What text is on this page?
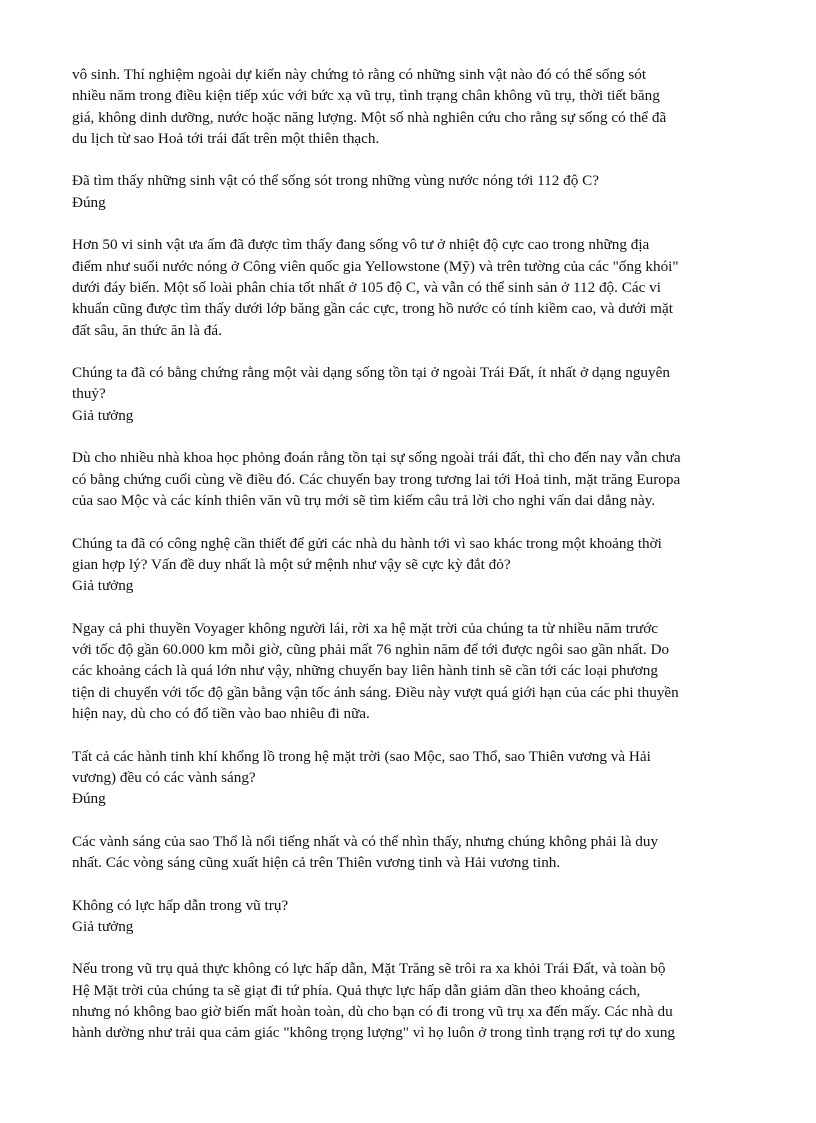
vô sinh. Thí nghiệm ngoài dự kiến này chứng tỏ rằng có những sinh vật nào đó có thể sống sót
nhiều năm trong điều kiện tiếp xúc với bức xạ vũ trụ, tình trạng chân không vũ trụ, thời tiết băng
giá, không dinh dưỡng, nước hoặc năng lượng. Một số nhà nghiên cứu cho rằng sự sống có thể đã
du lịch từ sao Hoả tới trái đất trên một thiên thạch.

Đã tìm thấy những sinh vật có thể sống sót trong những vùng nước nóng tới 112 độ C?
Đúng

Hơn 50 vi sinh vật ưa ấm đã được tìm thấy đang sống vô tư ở nhiệt độ cực cao trong những địa
điểm như suối nước nóng ở Công viên quốc gia Yellowstone (Mỹ) và trên tường của các "ống khói"
dưới đáy biển. Một số loài phân chia tốt nhất ở 105 độ C, và vẫn có thể sinh sản ở 112 độ. Các vi
khuẩn cũng được tìm thấy dưới lớp băng gần các cực, trong hồ nước có tính kiềm cao, và dưới mặt
đất sâu, ăn thức ăn là đá.

Chúng ta đã có bằng chứng rằng một vài dạng sống tồn tại ở ngoài Trái Đất, ít nhất ở dạng nguyên
thuỷ?
Giả tưởng

Dù cho nhiều nhà khoa học phỏng đoán rằng tồn tại sự sống ngoài trái đất, thì cho đến nay vẫn chưa
có bằng chứng cuối cùng về điều đó. Các chuyến bay trong tương lai tới Hoả tinh, mặt trăng Europa
của sao Mộc và các kính thiên văn vũ trụ mới sẽ tìm kiếm câu trả lời cho nghi vấn dai dẳng này.

Chúng ta đã có công nghệ cần thiết để gửi các nhà du hành tới vì sao khác trong một khoảng thời
gian hợp lý? Vấn đề duy nhất là một sứ mệnh như vậy sẽ cực kỳ đắt đỏ?
Giả tưởng

Ngay cả phi thuyền Voyager không người lái, rời xa hệ mặt trời của chúng ta từ nhiều năm trước
với tốc độ gần 60.000 km mỗi giờ, cũng phải mất 76 nghìn năm để tới được ngôi sao gần nhất. Do
các khoảng cách là quá lớn như vậy, những chuyến bay liên hành tinh sẽ cần tới các loại phương
tiện di chuyển với tốc độ gần bằng vận tốc ánh sáng. Điều này vượt quá giới hạn của các phi thuyền
hiện nay, dù cho có đổ tiền vào bao nhiêu đi nữa.

Tất cả các hành tinh khí khổng lồ trong hệ mặt trời (sao Mộc, sao Thổ, sao Thiên vương và Hải
vương) đều có các vành sáng?
Đúng

Các vành sáng của sao Thổ là nổi tiếng nhất và có thể nhìn thấy, nhưng chúng không phải là duy
nhất. Các vòng sáng cũng xuất hiện cả trên Thiên vương tinh và Hải vương tinh.

Không có lực hấp dẫn trong vũ trụ?
Giả tưởng

Nếu trong vũ trụ quả thực không có lực hấp dẫn, Mặt Trăng sẽ trôi ra xa khỏi Trái Đất, và toàn bộ
Hệ Mặt trời của chúng ta sẽ giạt đi tứ phía. Quả thực lực hấp dẫn giảm dần theo khoảng cách,
nhưng nó không bao giờ biến mất hoàn toàn, dù cho bạn có đi trong vũ trụ xa đến mấy. Các nhà du
hành dường như trải qua cảm giác "không trọng lượng" vì họ luôn ở trong tình trạng rơi tự do xung
